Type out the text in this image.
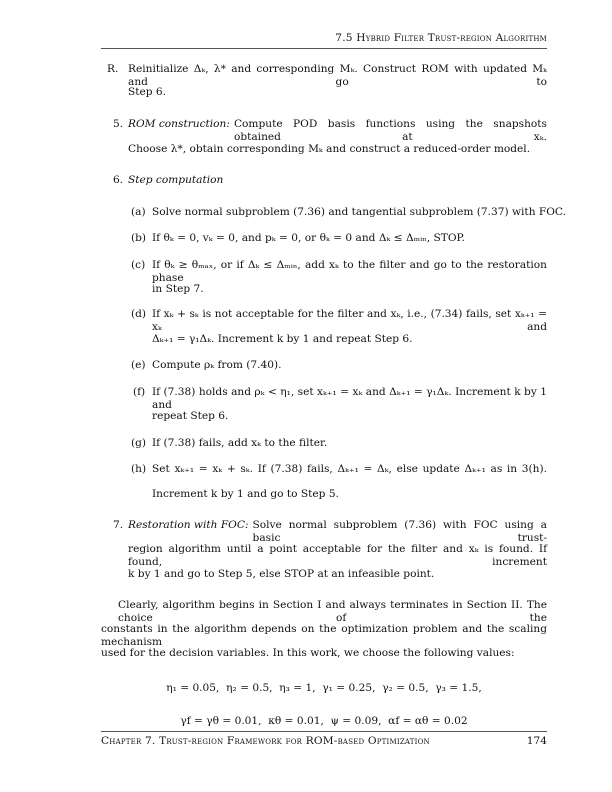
7.5 Hybrid Filter Trust-region Algorithm
R. Reinitialize Δₖ, λ* and corresponding Mₖ. Construct ROM with updated Mₖ and go to
Step 6.
5. ROM construction: Compute POD basis functions using the snapshots obtained at xₖ.
Choose λ*, obtain corresponding Mₖ and construct a reduced-order model.
6. Step computation
(a) Solve normal subproblem (7.36) and tangential subproblem (7.37) with FOC.
(b) If θₖ = 0, vₖ = 0, and pₖ = 0, or θₖ = 0 and Δₖ ≤ Δₘᵢₙ, STOP.
(c) If θₖ ≥ θₘₐₓ, or if Δₖ ≤ Δₘᵢₙ, add xₖ to the filter and go to the restoration phase
in Step 7.
(d) If xₖ + sₖ is not acceptable for the filter and xₖ, i.e., (7.34) fails, set xₖ₊₁ = xₖ and
Δₖ₊₁ = γ₁Δₖ. Increment k by 1 and repeat Step 6.
(e) Compute ρₖ from (7.40).
(f) If (7.38) holds and ρₖ < η₁, set xₖ₊₁ = xₖ and Δₖ₊₁ = γ₁Δₖ. Increment k by 1 and
repeat Step 6.
(g) If (7.38) fails, add xₖ to the filter.
(h) Set xₖ₊₁ = xₖ + sₖ. If (7.38) fails, Δₖ₊₁ = Δₖ, else update Δₖ₊₁ as in 3(h).
Increment k by 1 and go to Step 5.
7. Restoration with FOC: Solve normal subproblem (7.36) with FOC using a basic trust-
region algorithm until a point acceptable for the filter and xₖ is found. If found, increment
k by 1 and go to Step 5, else STOP at an infeasible point.
Clearly, algorithm begins in Section I and always terminates in Section II. The choice of the
constants in the algorithm depends on the optimization problem and the scaling mechanism
used for the decision variables. In this work, we choose the following values:
η₁ = 0.05,  η₂ = 0.5,  η₃ = 1,  γ₁ = 0.25,  γ₂ = 0.5,  γ₃ = 1.5,
γf = γθ = 0.01,  κθ = 0.01,  ψ = 0.09,  αf = αθ = 0.02
Chapter 7. Trust-region Framework for ROM-based Optimization	174
